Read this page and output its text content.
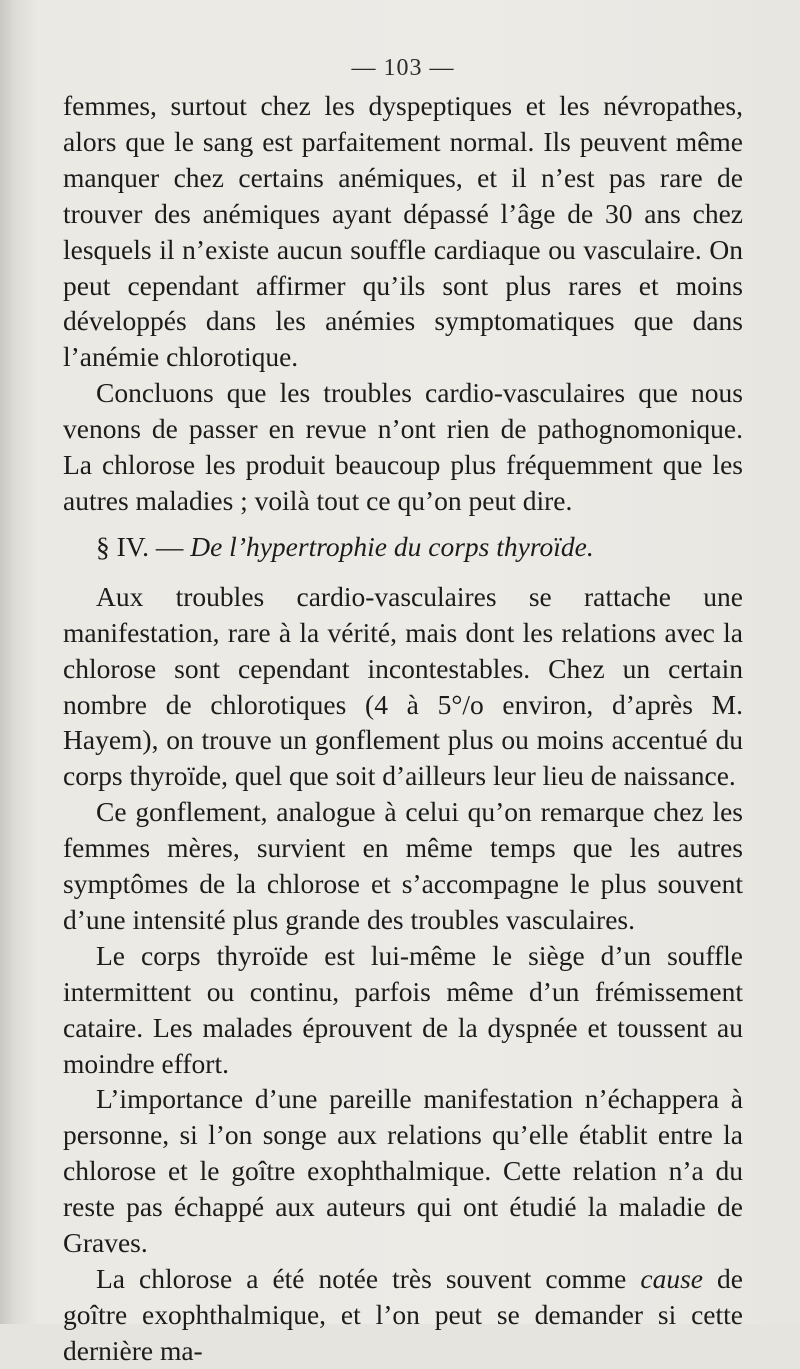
— 103 —

femmes, surtout chez les dyspeptiques et les névropathes, alors que le sang est parfaitement normal. Ils peuvent même manquer chez certains anémiques, et il n’est pas rare de trouver des anémiques ayant dépassé l’âge de 30 ans chez lesquels il n’existe aucun souffle cardiaque ou vasculaire. On peut cependant affirmer qu’ils sont plus rares et moins développés dans les anémies symptomatiques que dans l’anémie chlorotique.

Concluons que les troubles cardio-vasculaires que nous venons de passer en revue n’ont rien de pathognomonique. La chlorose les produit beaucoup plus fréquemment que les autres maladies ; voilà tout ce qu’on peut dire.

§ IV. — De l’hypertrophie du corps thyroïde.

Aux troubles cardio-vasculaires se rattache une manifestation, rare à la vérité, mais dont les relations avec la chlorose sont cependant incontestables. Chez un certain nombre de chlorotiques (4 à 5°/o environ, d’après M. Hayem), on trouve un gonflement plus ou moins accentué du corps thyroïde, quel que soit d’ailleurs leur lieu de naissance.

Ce gonflement, analogue à celui qu’on remarque chez les femmes mères, survient en même temps que les autres symptômes de la chlorose et s’accompagne le plus souvent d’une intensité plus grande des troubles vasculaires.

Le corps thyroïde est lui-même le siège d’un souffle intermittent ou continu, parfois même d’un frémissement cataire. Les malades éprouvent de la dyspnée et toussent au moindre effort.

L’importance d’une pareille manifestation n’échappera à personne, si l’on songe aux relations qu’elle établit entre la chlorose et le goître exophthalmique. Cette relation n’a du reste pas échappé aux auteurs qui ont étudié la maladie de Graves.

La chlorose a été notée très souvent comme cause de goître exophthalmique, et l’on peut se demander si cette dernière ma-
